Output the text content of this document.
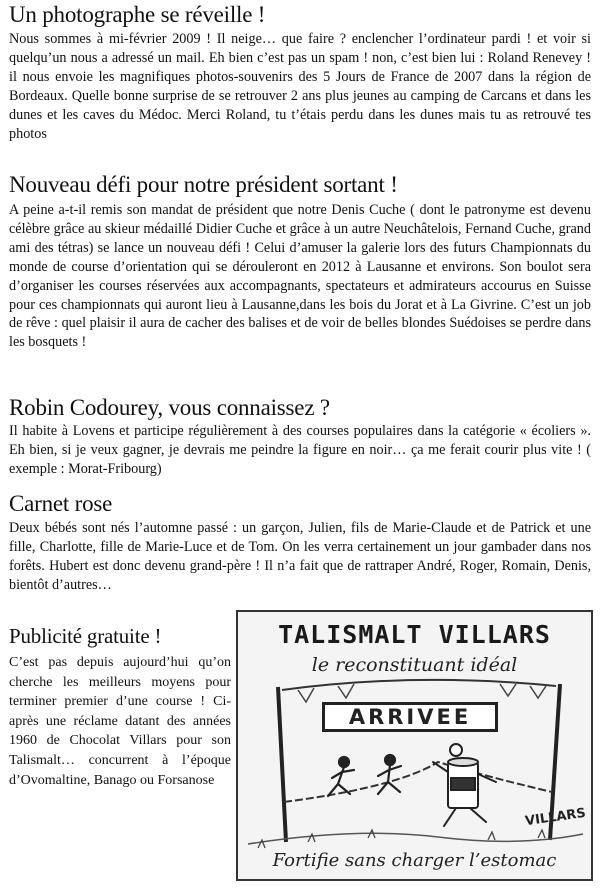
Un photographe se réveille !

Nous sommes à mi-février 2009 ! Il neige… que faire ? enclencher l’ordinateur pardi ! et voir si quelqu’un nous a adressé un mail. Eh bien c’est pas un spam ! non, c’est bien lui : Roland Renevey ! il nous envoie les magnifiques photos-souvenirs des 5 Jours de France de 2007 dans la région de Bordeaux. Quelle bonne surprise de se retrouver 2 ans plus jeunes au camping de Carcans et dans les dunes et les caves du Médoc. Merci Roland, tu t’étais perdu dans les dunes mais tu as retrouvé tes photos

Nouveau défi pour notre président sortant !

A peine a-t-il remis son mandat de président que notre Denis Cuche ( dont le patronyme est devenu célèbre grâce au skieur médaillé Didier Cuche et grâce à un autre Neuchâtelois, Fernand Cuche, grand ami des tétras) se lance un nouveau défi ! Celui d’amuser la galerie lors des futurs Championnats du monde de course d’orientation qui se dérouleront en 2012 à Lausanne et environs. Son boulot sera d’organiser les courses réservées aux accompagnants, spectateurs et admirateurs accourus en Suisse pour ces championnats qui auront lieu à Lausanne,dans les bois du Jorat et à La Givrine. C’est un job de rêve : quel plaisir il aura de cacher des balises et de voir de belles blondes Suédoises se perdre dans les bosquets !

Robin Codourey, vous connaissez ?

Il habite à Lovens et participe régulièrement à des courses populaires dans la catégorie « écoliers ». Eh bien, si je veux gagner, je devrais me peindre la figure en noir… ça me ferait courir plus vite ! ( exemple : Morat-Fribourg)

Carnet rose

Deux bébés sont nés l’automne passé : un garçon, Julien, fils de Marie-Claude et de Patrick et une fille, Charlotte, fille de Marie-Luce et de Tom. On les verra certainement un jour gambader dans nos forêts. Hubert est donc devenu grand-père ! Il n’a fait que de rattraper André, Roger, Romain, Denis, bientôt d’autres…

Publicité gratuite !

C’est pas depuis aujourd’hui qu’on cherche les meilleurs moyens pour terminer premier d’une course ! Ci-après une réclame datant des années 1960 de Chocolat Villars pour son Talismalt… concurrent à l’époque d’Ovomaltine, Banago ou Forsanose

TALISMALT VILLARS
le reconstituant idéal
ARRIVEE
VILLARS
Fortifie sans charger l’estomac
